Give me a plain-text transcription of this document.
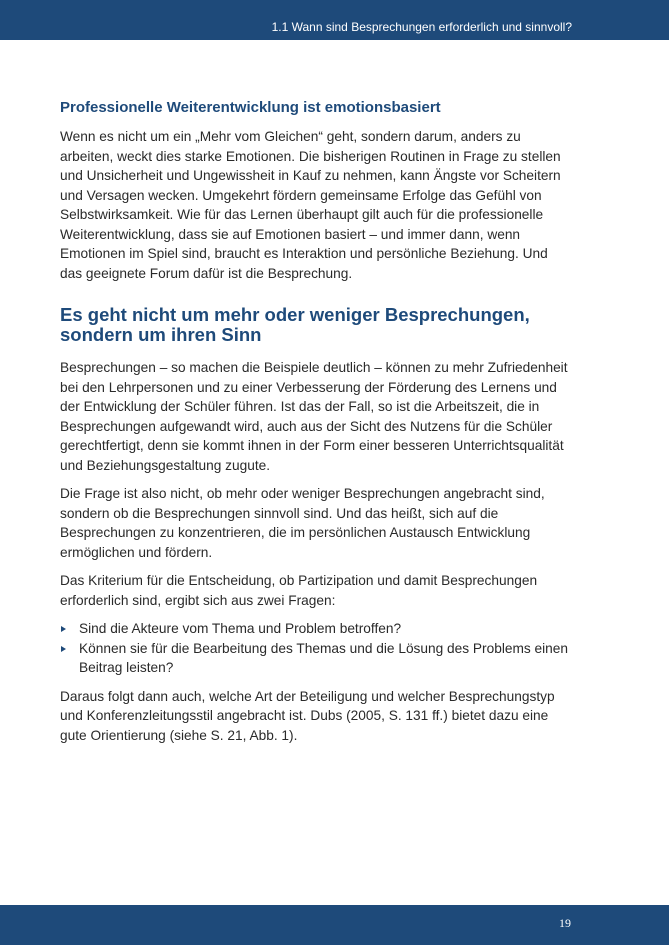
1.1 Wann sind Besprechungen erforderlich und sinnvoll?
Professionelle Weiterentwicklung ist emotionsbasiert

Wenn es nicht um ein „Mehr vom Gleichen“ geht, sondern darum, anders zu arbeiten, weckt dies starke Emotionen. Die bisherigen Routinen in Frage zu stellen und Unsicherheit und Ungewissheit in Kauf zu nehmen, kann Ängste vor Scheitern und Versagen wecken. Umgekehrt fördern gemeinsame Erfolge das Gefühl von Selbstwirksamkeit. Wie für das Lernen überhaupt gilt auch für die professionelle Weiterentwicklung, dass sie auf Emotionen basiert – und immer dann, wenn Emotionen im Spiel sind, braucht es Interaktion und persönliche Beziehung. Und das geeignete Forum dafür ist die Besprechung.

Es geht nicht um mehr oder weniger Besprechungen, sondern um ihren Sinn

Besprechungen – so machen die Beispiele deutlich – können zu mehr Zufriedenheit bei den Lehrpersonen und zu einer Verbesserung der Förderung des Lernens und der Entwicklung der Schüler führen. Ist das der Fall, so ist die Arbeitszeit, die in Besprechungen aufgewandt wird, auch aus der Sicht des Nutzens für die Schüler gerechtfertigt, denn sie kommt ihnen in der Form einer besseren Unterrichtsqualität und Beziehungsgestaltung zugute.

Die Frage ist also nicht, ob mehr oder weniger Besprechungen angebracht sind, sondern ob die Besprechungen sinnvoll sind. Und das heißt, sich auf die Besprechungen zu konzentrieren, die im persönlichen Austausch Entwicklung ermöglichen und fördern.

Das Kriterium für die Entscheidung, ob Partizipation und damit Besprechungen erforderlich sind, ergibt sich aus zwei Fragen:

Sind die Akteure vom Thema und Problem betroffen?
Können sie für die Bearbeitung des Themas und die Lösung des Problems einen Beitrag leisten?

Daraus folgt dann auch, welche Art der Beteiligung und welcher Besprechungstyp und Konferenzleitungsstil angebracht ist. Dubs (2005, S. 131 ff.) bietet dazu eine gute Orientierung (siehe S. 21, Abb. 1).

19
